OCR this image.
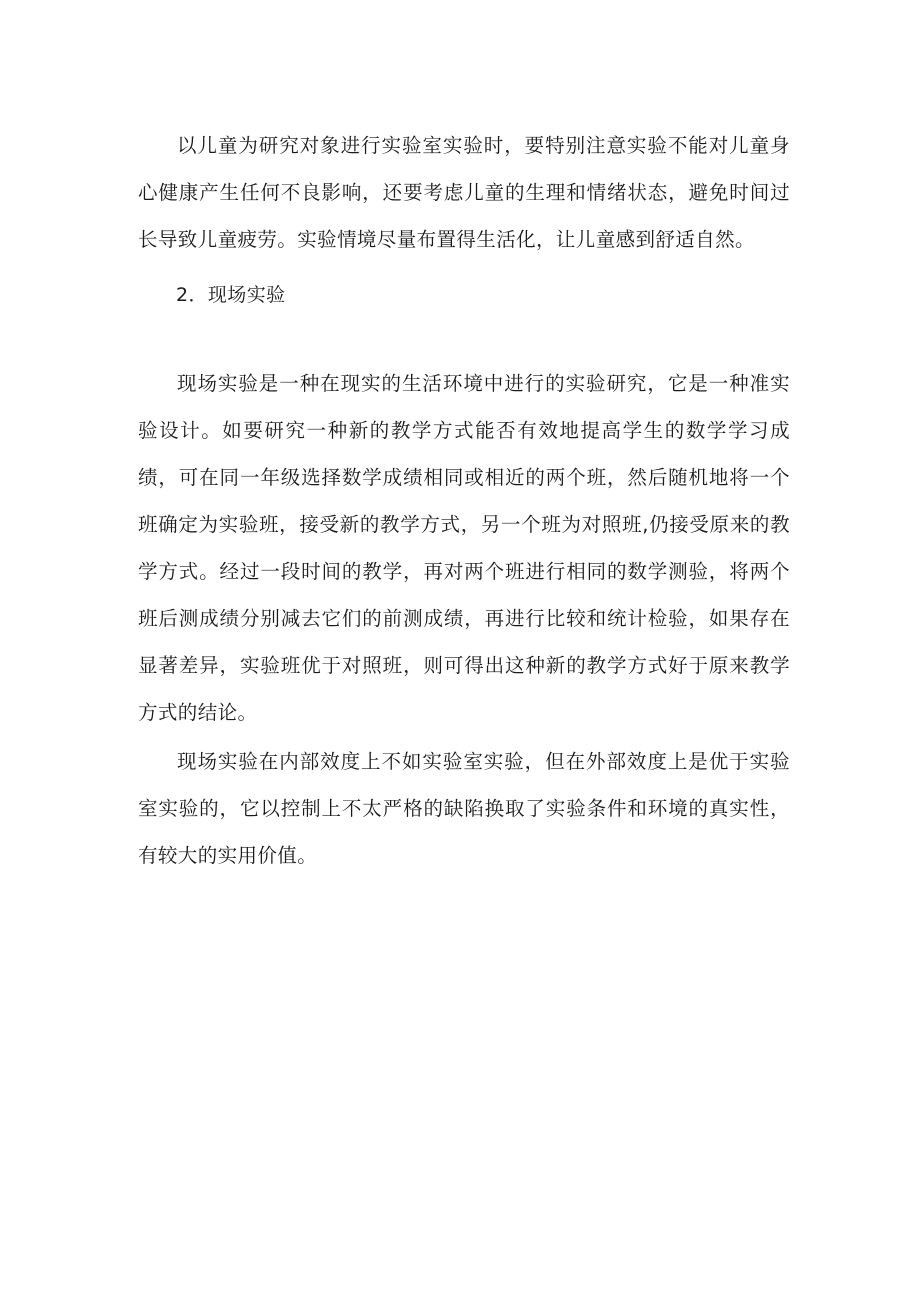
以儿童为研究对象进行实验室实验时，要特别注意实验不能对儿童身心健康产生任何不良影响，还要考虑儿童的生理和情绪状态，避免时间过长导致儿童疲劳。实验情境尽量布置得生活化，让儿童感到舒适自然。

2．现场实验

现场实验是一种在现实的生活环境中进行的实验研究，它是一种准实验设计。如要研究一种新的教学方式能否有效地提高学生的数学学习成绩，可在同一年级选择数学成绩相同或相近的两个班，然后随机地将一个班确定为实验班，接受新的教学方式，另一个班为对照班,仍接受原来的教学方式。经过一段时间的教学，再对两个班进行相同的数学测验，将两个班后测成绩分别减去它们的前测成绩，再进行比较和统计检验，如果存在显著差异，实验班优于对照班，则可得出这种新的教学方式好于原来教学方式的结论。

现场实验在内部效度上不如实验室实验，但在外部效度上是优于实验室实验的，它以控制上不太严格的缺陷换取了实验条件和环境的真实性，有较大的实用价值。
